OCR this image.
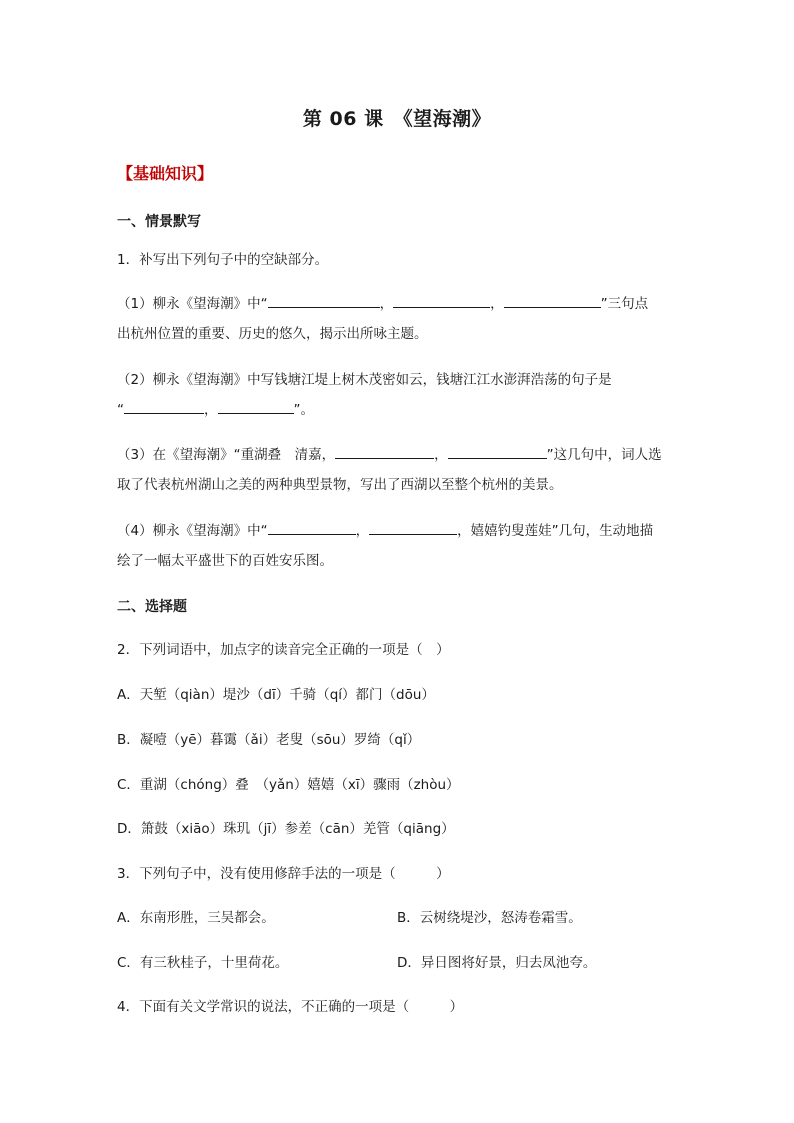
第 06 课　《望海潮》
【基础知识】
一、情景默写
1．补写出下列句子中的空缺部分。
（1）柳永《望海潮》中“	，	，	”三句点
出杭州位置的重要、历史的悠久，揭示出所咏主题。
（2）柳永《望海潮》中写钱塘江堤上树木茂密如云，钱塘江江水澎湃浩荡的句子是
“	，	”。
（3）在《望海潮》“重湖叠　清嘉，	，	”这几句中，词人选
取了代表杭州湖山之美的两种典型景物，写出了西湖以至整个杭州的美景。
（4）柳永《望海潮》中“	，	，嬉嬉钓叟莲娃”几句，生动地描
绘了一幅太平盛世下的百姓安乐图。
二、选择题
2．下列词语中，加点字的读音完全正确的一项是（　）
A．天堑（qiàn）堤沙（dī）千骑（qí）都门（dōu）
B．凝噎（yē）暮霭（ǎi）老叟（sōu）罗绮（qǐ）
C．重湖（chóng）叠　（yǎn）嬉嬉（xī）骤雨（zhòu）
D．箫鼓（xiāo）珠玑（jī）参差（cān）羌管（qiāng）
3．下列句子中，没有使用修辞手法的一项是（　　　）
A．东南形胜，三吴都会。	B．云树绕堤沙，怒涛卷霜雪。
C．有三秋桂子，十里荷花。	D．异日图将好景，归去凤池夸。
4．下面有关文学常识的说法，不正确的一项是（　　　）
